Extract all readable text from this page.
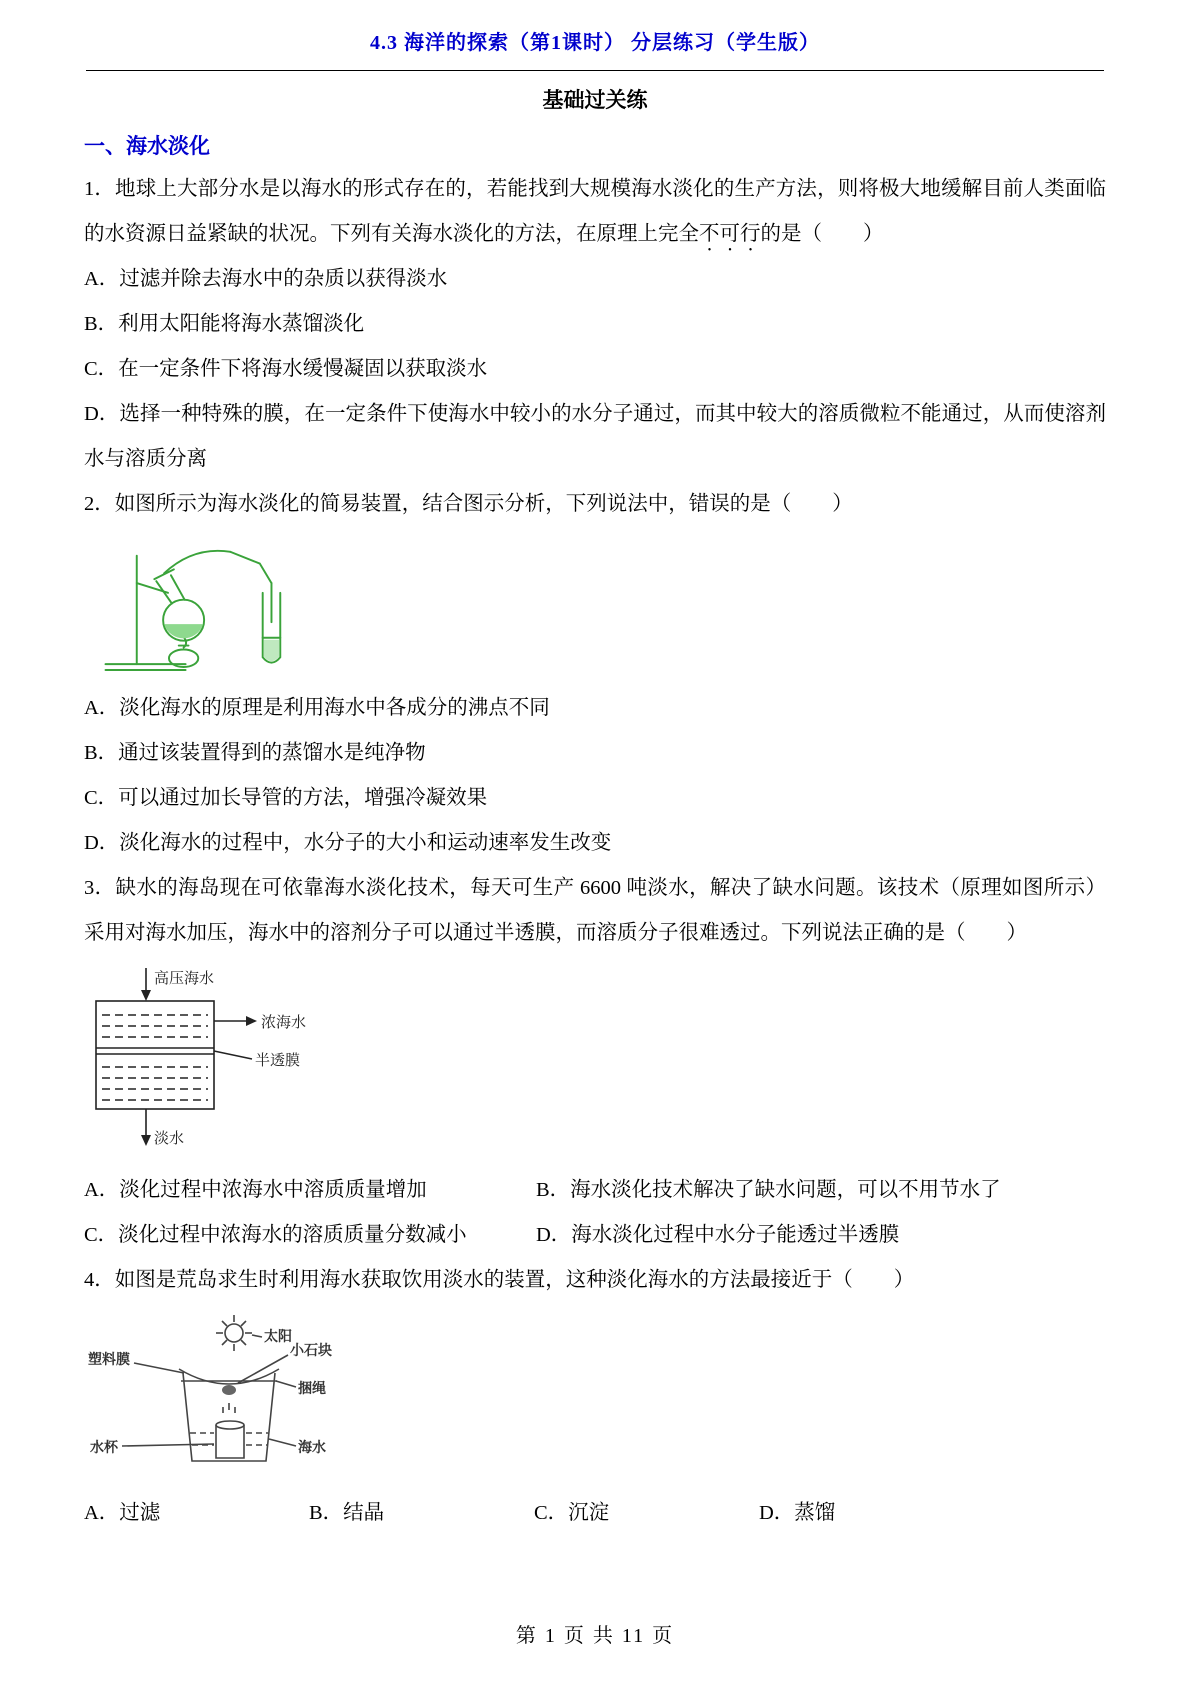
4.3 海洋的探索（第1课时） 分层练习（学生版）
基础过关练
一、海水淡化

1．地球上大部分水是以海水的形式存在的，若能找到大规模海水淡化的生产方法，则将极大地缓解目前人类面临的水资源日益紧缺的状况。下列有关海水淡化的方法，在原理上完全不可行的是（　　）

A．过滤并除去海水中的杂质以获得淡水

B．利用太阳能将海水蒸馏淡化

C．在一定条件下将海水缓慢凝固以获取淡水

D．选择一种特殊的膜，在一定条件下使海水中较小的水分子通过，而其中较大的溶质微粒不能通过，从而使溶剂水与溶质分离

2．如图所示为海水淡化的简易装置，结合图示分析，下列说法中，错误的是（　　）

A．淡化海水的原理是利用海水中各成分的沸点不同

B．通过该装置得到的蒸馏水是纯净物

C．可以通过加长导管的方法，增强冷凝效果

D．淡化海水的过程中，水分子的大小和运动速率发生改变

3．缺水的海岛现在可依靠海水淡化技术，每天可生产 6600 吨淡水，解决了缺水问题。该技术（原理如图所示）采用对海水加压，海水中的溶剂分子可以通过半透膜，而溶质分子很难透过。下列说法正确的是（　　）

高压海水
浓海水
半透膜
淡水

A．淡化过程中浓海水中溶质质量增加	B．海水淡化技术解决了缺水问题，可以不用节水了

C．淡化过程中浓海水的溶质质量分数减小	D．海水淡化过程中水分子能透过半透膜

4．如图是荒岛求生时利用海水获取饮用淡水的装置，这种淡化海水的方法最接近于（　　）

太阳
塑料膜
小石块
捆绳
水杯	海水

A．过滤	B．结晶	C．沉淀	D．蒸馏

第 1 页 共 11 页
